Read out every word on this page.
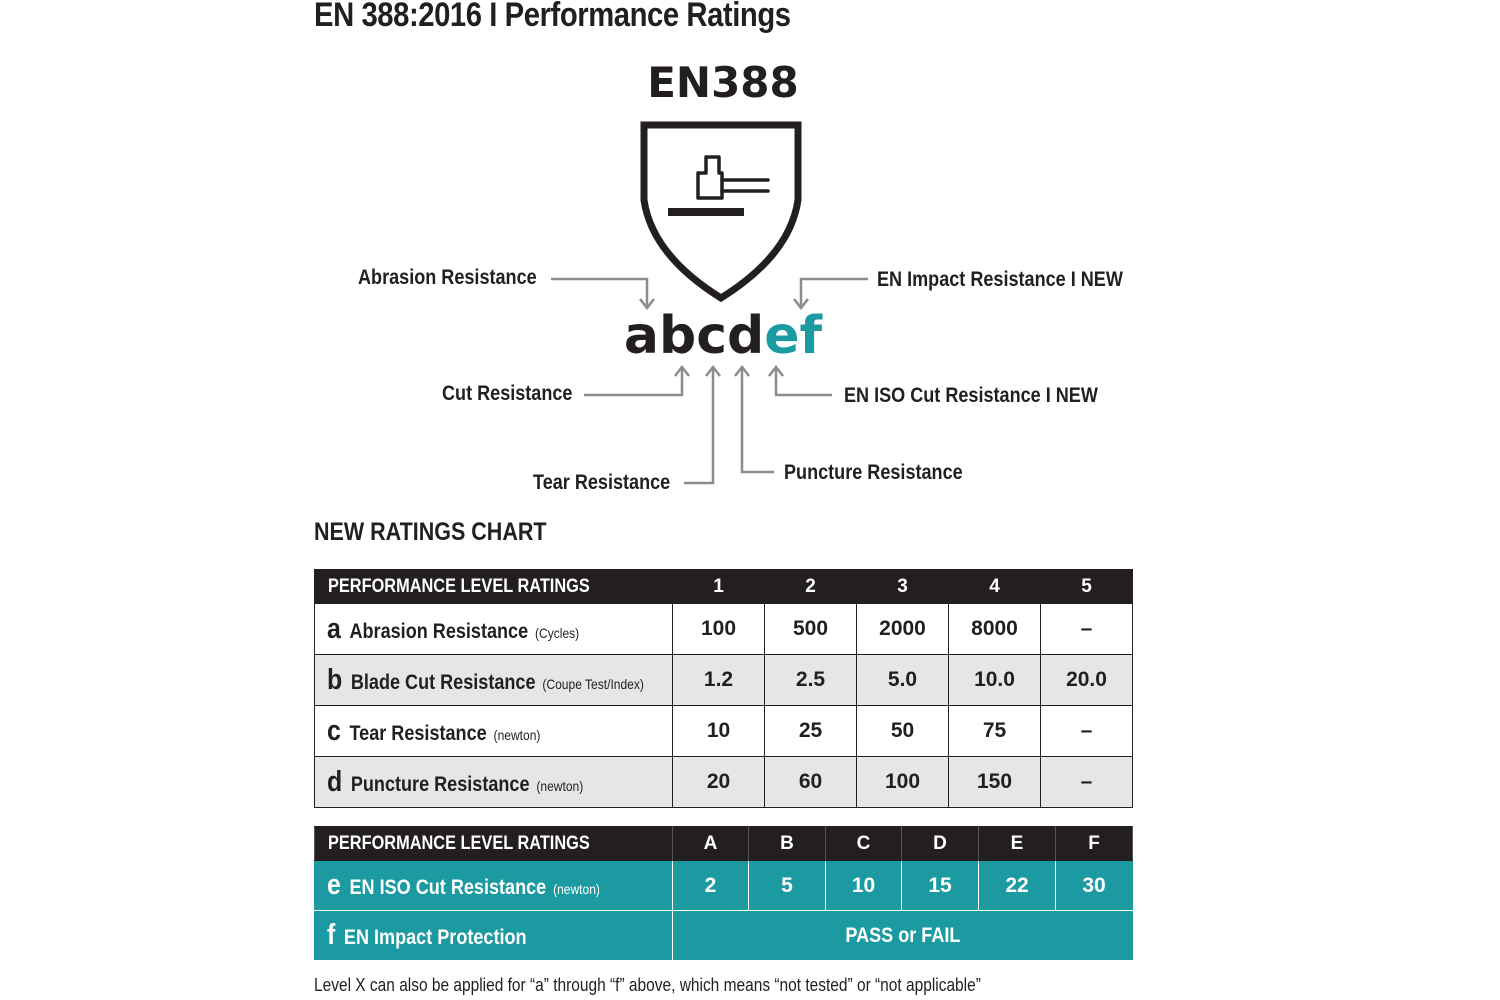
EN 388:2016 I Performance Ratings
EN388
abcdef
Abrasion Resistance	EN Impact Resistance I NEW
Cut Resistance	EN ISO Cut Resistance I NEW
Tear Resistance	Puncture Resistance
NEW RATINGS CHART
PERFORMANCE LEVEL RATINGS	1	2	3	4	5
a Abrasion Resistance (Cycles)	100	500	2000	8000	–
b Blade Cut Resistance (Coupe Test/Index)	1.2	2.5	5.0	10.0	20.0
c Tear Resistance (newton)	10	25	50	75	–
d Puncture Resistance (newton)	20	60	100	150	–
PERFORMANCE LEVEL RATINGS	A	B	C	D	E	F
e EN ISO Cut Resistance (newton)	2	5	10	15	22	30
f EN Impact Protection	PASS or FAIL					
Level X can also be applied for “a” through “f” above, which means “not tested” or “not applicable”
